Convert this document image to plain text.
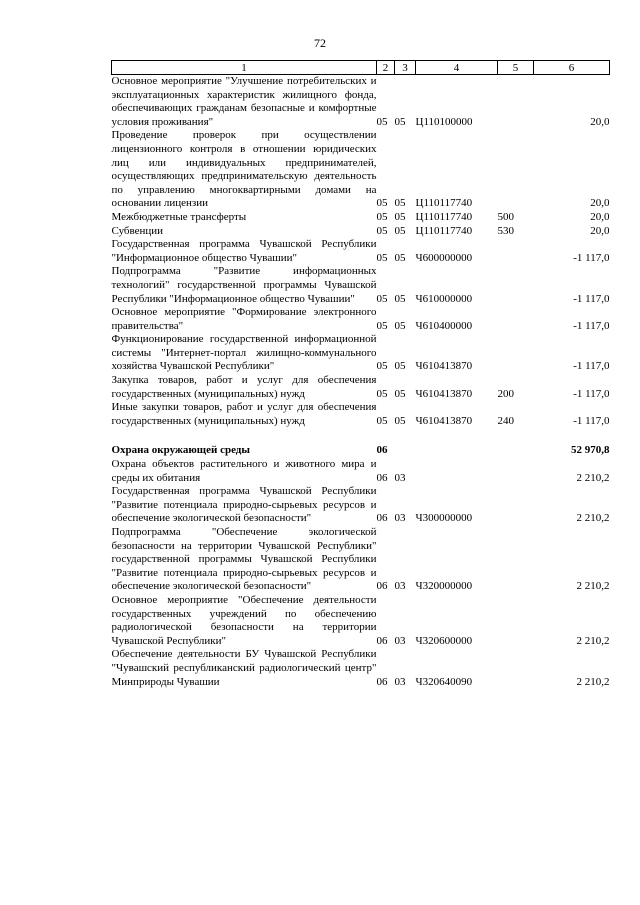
72
1	2	3	4	5	6
Основное мероприятие "Улучшение потребительских и эксплуатационных характеристик жилищного фонда, обеспечивающих гражданам безопасные и комфортные условия проживания"	05	05	Ц110100000		20,0
Проведение проверок при осуществлении лицензионного контроля в отношении юридических лиц или индивидуальных предпринимателей, осуществляющих предпринимательскую деятельность по управлению многоквартирными домами на основании лицензии	05	05	Ц110117740		20,0
Межбюджетные трансферты	05	05	Ц110117740	500	20,0
Субвенции	05	05	Ц110117740	530	20,0
Государственная программа Чувашской Республики "Информационное общество Чувашии"	05	05	Ч600000000		-1 117,0
Подпрограмма "Развитие информационных технологий" государственной программы Чувашской Республики "Информационное общество Чувашии"	05	05	Ч610000000		-1 117,0
Основное мероприятие "Формирование электронного правительства"	05	05	Ч610400000		-1 117,0
Функционирование государственной информационной системы "Интернет-портал жилищно-коммунального хозяйства Чувашской Республики"	05	05	Ч610413870		-1 117,0
Закупка товаров, работ и услуг для обеспечения государственных (муниципальных) нужд	05	05	Ч610413870	200	-1 117,0
Иные закупки товаров, работ и услуг для обеспечения государственных (муниципальных) нужд	05	05	Ч610413870	240	-1 117,0

Охрана окружающей среды	06				52 970,8
Охрана объектов растительного и животного мира и среды их обитания	06	03			2 210,2
Государственная программа Чувашской Республики "Развитие потенциала природно-сырьевых ресурсов и обеспечение экологической безопасности"	06	03	Ч300000000		2 210,2
Подпрограмма "Обеспечение экологической безопасности на территории Чувашской Республики" государственной программы Чувашской Республики "Развитие потенциала природно-сырьевых ресурсов и обеспечение экологической безопасности"	06	03	Ч320000000		2 210,2
Основное мероприятие "Обеспечение деятельности государственных учреждений по обеспечению радиологической безопасности на территории Чувашской Республики"	06	03	Ч320600000		2 210,2
Обеспечение деятельности БУ Чувашской Республики "Чувашский республиканский радиологический центр" Минприроды Чувашии	06	03	Ч320640090		2 210,2
